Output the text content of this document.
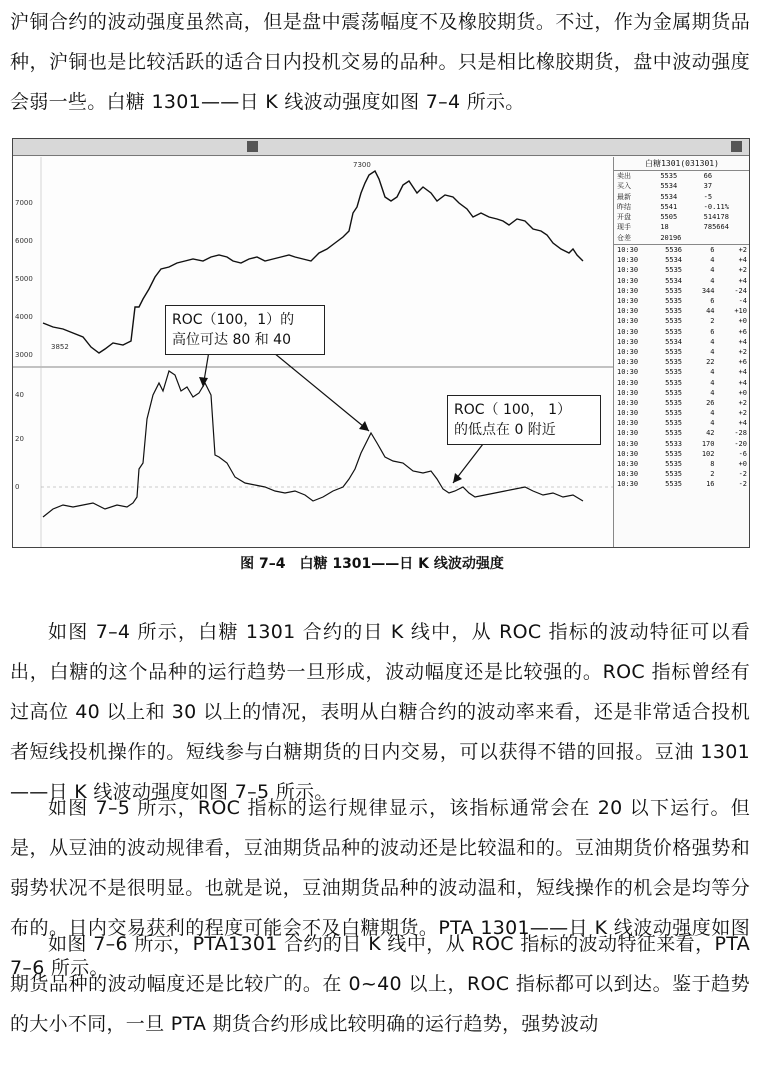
沪铜合约的波动强度虽然高，但是盘中震荡幅度不及橡胶期货。不过，作为金属期货品种，沪铜也是比较活跃的适合日内投机交易的品种。只是相比橡胶期货，盘中波动强度会弱一些。白糖 1301——日 K 线波动强度如图 7–4 所示。

7000
6000
5000
4000
3000
40
20
0
7300
3852
ROC（100，1）的
高位可达 80 和 40
ROC（ 100， 1）
的低点在 0 附近
白糖1301(031301)
卖出	5535	66
买入	5534	37
最新	5534	-5
昨结	5541	-0.11%
开盘	5505	514178
现手	18	785664
仓差	20196
10:30	5536	6	+2
10:30	5534	4	+4
10:30	5535	4	+2
10:30	5534	4	+4
10:30	5535	344	-24
10:30	5535	6	-4
10:30	5535	44	+10
10:30	5535	2	+0
10:30	5535	6	+6
10:30	5534	4	+4
10:30	5535	4	+2
10:30	5535	22	+6
10:30	5535	4	+4
10:30	5535	4	+4
10:30	5535	4	+0
10:30	5535	26	+2
10:30	5535	4	+2
10:30	5535	4	+4
10:30	5535	42	-28
10:30	5533	170	-20
10:30	5535	102	-6
10:30	5535	8	+0
10:30	5535	2	-2
10:30	5535	16	-2
图 7–4 白糖 1301——日 K 线波动强度

如图 7–4 所示，白糖 1301 合约的日 K 线中，从 ROC 指标的波动特征可以看出，白糖的这个品种的运行趋势一旦形成，波动幅度还是比较强的。ROC 指标曾经有过高位 40 以上和 30 以上的情况，表明从白糖合约的波动率来看，还是非常适合投机者短线投机操作的。短线参与白糖期货的日内交易，可以获得不错的回报。豆油 1301——日 K 线波动强度如图 7–5 所示。

如图 7–5 所示，ROC 指标的运行规律显示，该指标通常会在 20 以下运行。但是，从豆油的波动规律看，豆油期货品种的波动还是比较温和的。豆油期货价格强势和弱势状况不是很明显。也就是说，豆油期货品种的波动温和，短线操作的机会是均等分布的。日内交易获利的程度可能会不及白糖期货。PTA 1301——日 K 线波动强度如图 7–6 所示。

如图 7–6 所示，PTA1301 合约的日 K 线中，从 ROC 指标的波动特征来看，PTA 期货品种的波动幅度还是比较广的。在 0~40 以上，ROC 指标都可以到达。鉴于趋势的大小不同，一旦 PTA 期货合约形成比较明确的运行趋势，强势波动
